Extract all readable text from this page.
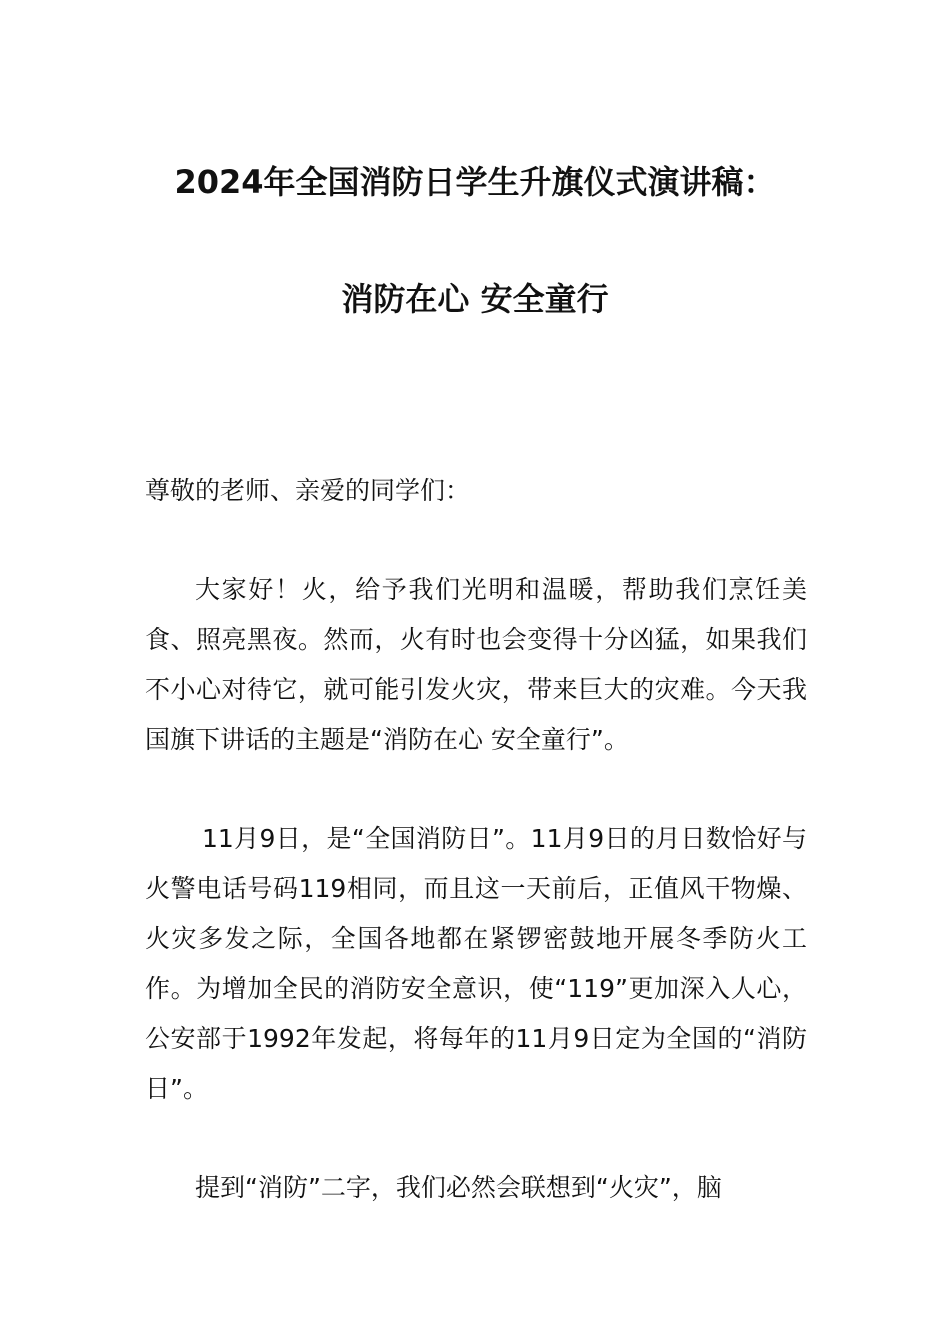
2024年全国消防日学生升旗仪式演讲稿：
消防在心 安全童行
尊敬的老师、亲爱的同学们：
大家好！火，给予我们光明和温暖，帮助我们烹饪美食、照亮黑夜。然而，火有时也会变得十分凶猛，如果我们不小心对待它，就可能引发火灾，带来巨大的灾难。今天我国旗下讲话的主题是“消防在心 安全童行”。
11月9日，是“全国消防日”。11月9日的月日数恰好与火警电话号码119相同，而且这一天前后，正值风干物燥、火灾多发之际，全国各地都在紧锣密鼓地开展冬季防火工作。为增加全民的消防安全意识，使“119”更加深入人心，公安部于1992年发起，将每年的11月9日定为全国的“消防日”。
提到“消防”二字，我们必然会联想到“火灾”，脑
